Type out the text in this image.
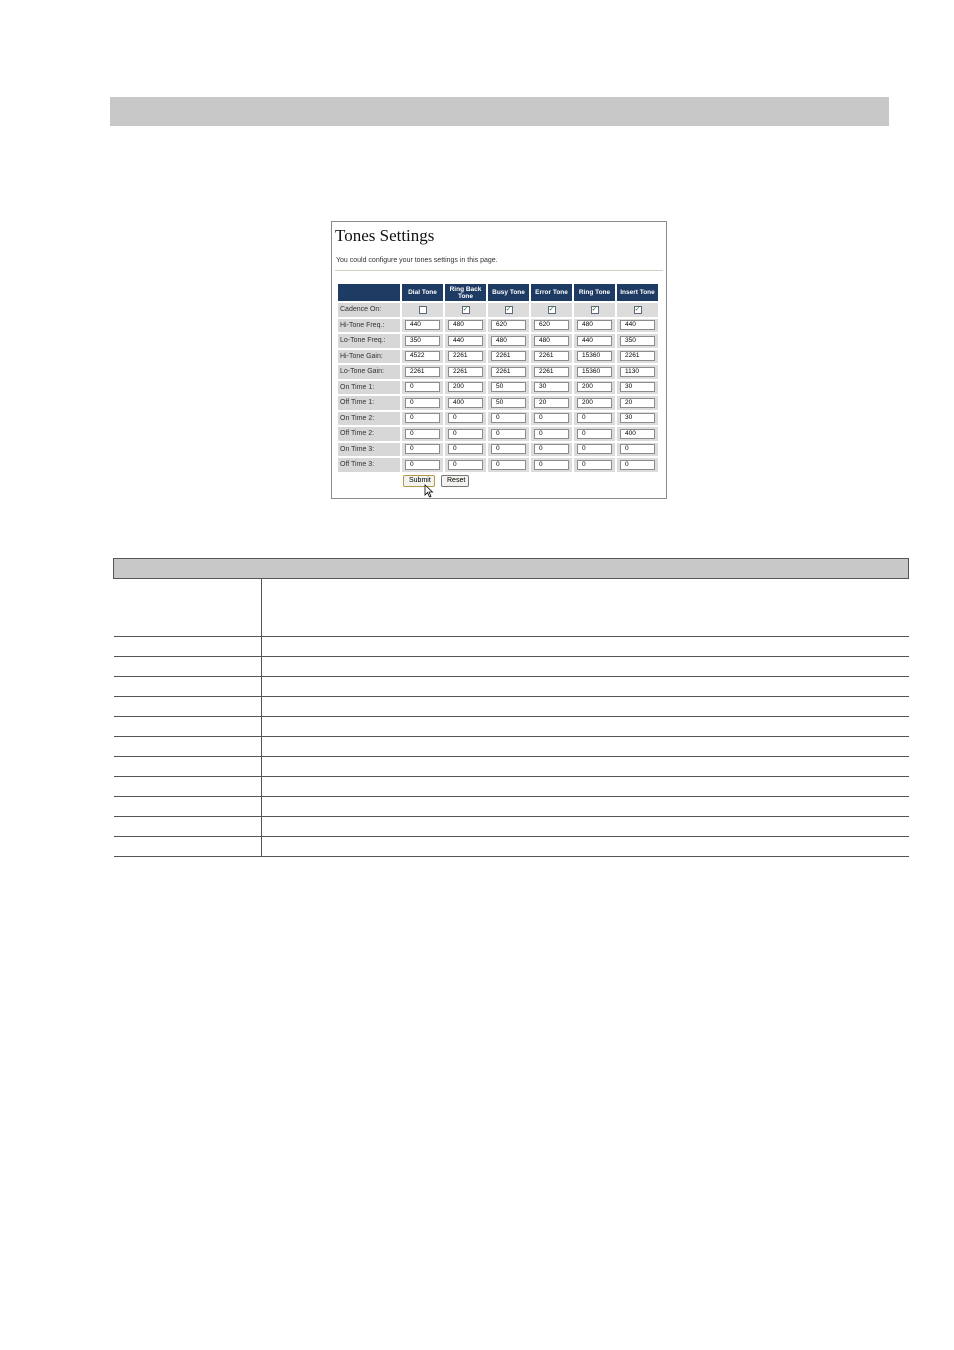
Tones Settings
You could configure your tones settings in this page.
	Dial Tone	Ring Back Tone	Busy Tone	Error Tone	Ring Tone	Insert Tone
Cadence On:		✓	✓	✓	✓	✓
Hi-Tone Freq.:	440	480	620	620	480	440
Lo-Tone Freq.:	350	440	480	480	440	350
Hi-Tone Gain:	4522	2261	2261	2261	15360	2261
Lo-Tone Gain:	2261	2261	2261	2261	15360	1130
On Time 1:	0	200	50	30	200	30
Off Time 1:	0	400	50	20	200	20
On Time 2:	0	0	0	0	0	30
Off Time 2:	0	0	0	0	0	400
On Time 3:	0	0	0	0	0	0
Off Time 3:	0	0	0	0	0	0
Submit	Reset
